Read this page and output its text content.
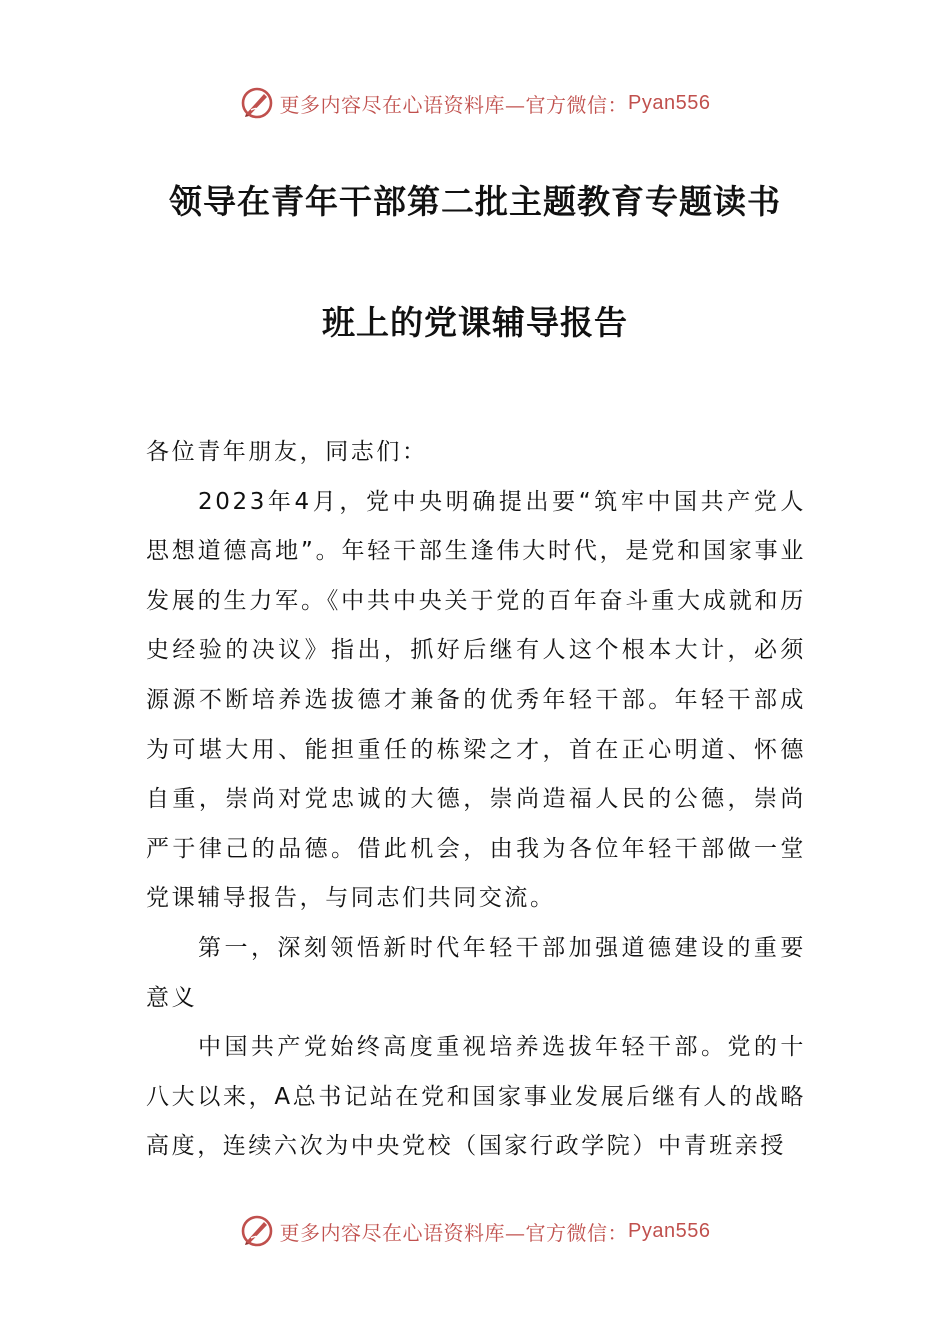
更多内容尽在心语资料库—官方微信： Pyan556
领导在青年干部第二批主题教育专题读书
班上的党课辅导报告

各位青年朋友，同志们：

2023年4月，党中央明确提出要“筑牢中国共产党人思想道德高地”。年轻干部生逢伟大时代，是党和国家事业发展的生力军。《中共中央关于党的百年奋斗重大成就和历史经验的决议》指出，抓好后继有人这个根本大计，必须源源不断培养选拔德才兼备的优秀年轻干部。年轻干部成为可堪大用、能担重任的栋梁之才，首在正心明道、怀德自重，崇尚对党忠诚的大德，崇尚造福人民的公德，崇尚严于律己的品德。借此机会，由我为各位年轻干部做一堂党课辅导报告，与同志们共同交流。

第一，深刻领悟新时代年轻干部加强道德建设的重要意义

中国共产党始终高度重视培养选拔年轻干部。党的十八大以来，A总书记站在党和国家事业发展后继有人的战略高度，连续六次为中央党校（国家行政学院）中青班亲授

更多内容尽在心语资料库—官方微信： Pyan556
